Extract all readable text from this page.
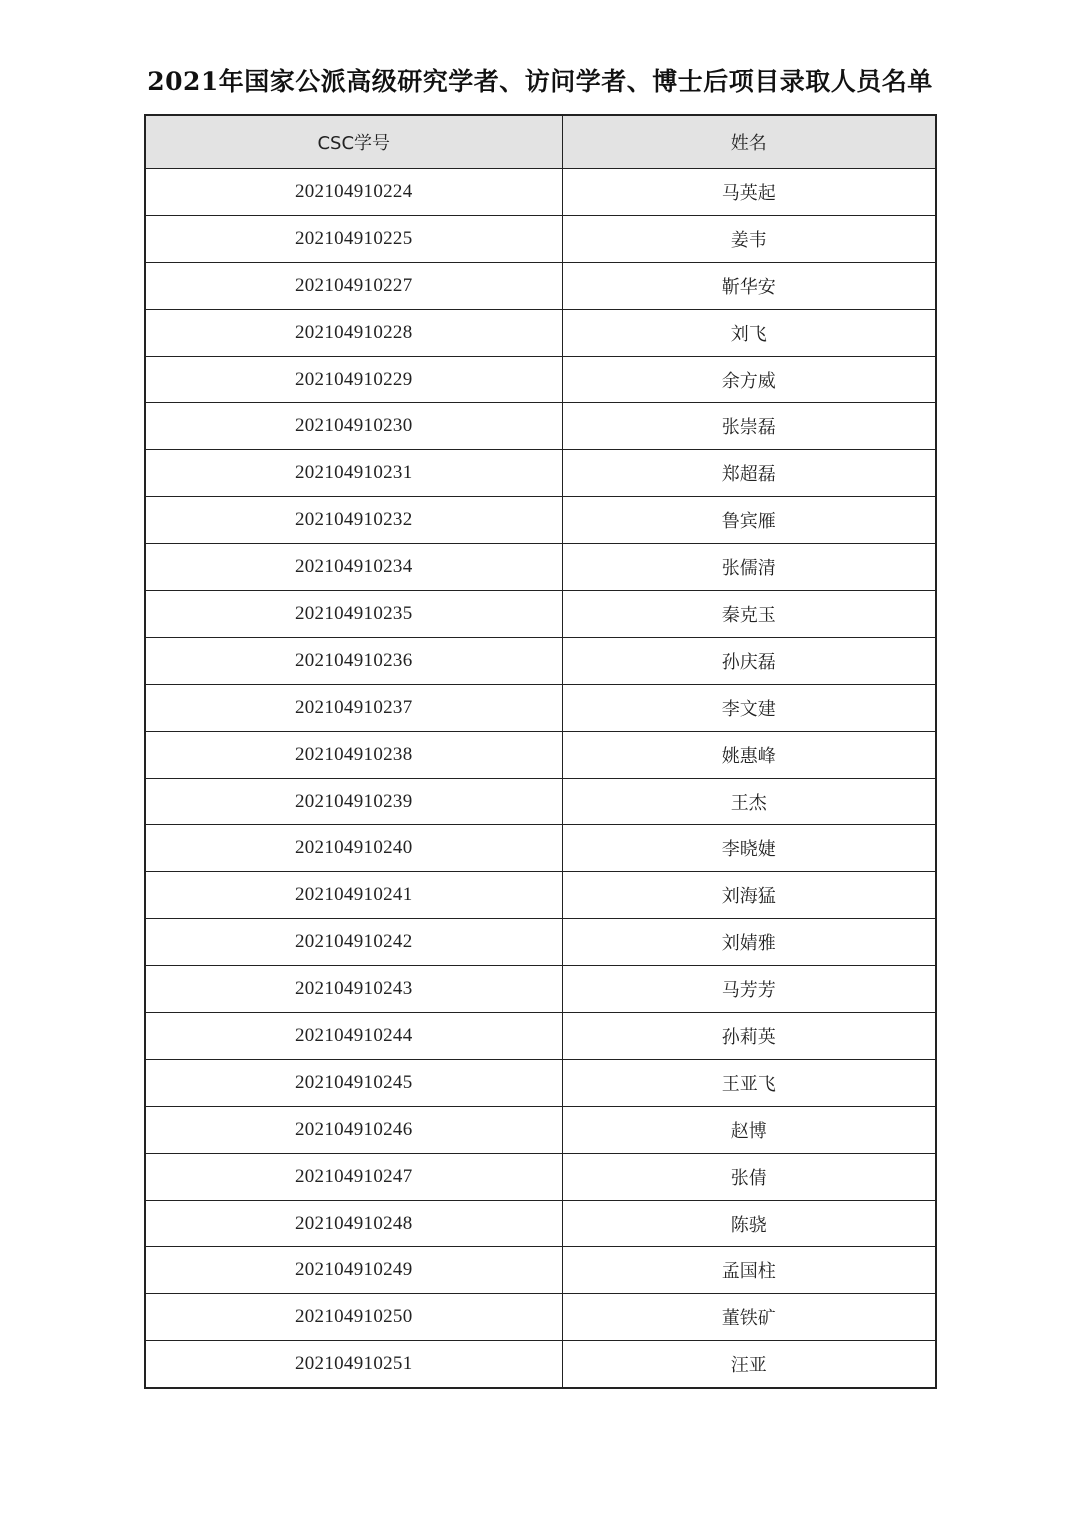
2021年国家公派高级研究学者、访问学者、博士后项目录取人员名单
CSC学号	姓名
202104910224	马英起
202104910225	姜韦
202104910227	靳华安
202104910228	刘飞
202104910229	余方威
202104910230	张崇磊
202104910231	郑超磊
202104910232	鲁宾雁
202104910234	张儒清
202104910235	秦克玉
202104910236	孙庆磊
202104910237	李文建
202104910238	姚惠峰
202104910239	王杰
202104910240	李晓婕
202104910241	刘海猛
202104910242	刘婧雅
202104910243	马芳芳
202104910244	孙莉英
202104910245	王亚飞
202104910246	赵博
202104910247	张倩
202104910248	陈骁
202104910249	孟国柱
202104910250	董铁矿
202104910251	汪亚
